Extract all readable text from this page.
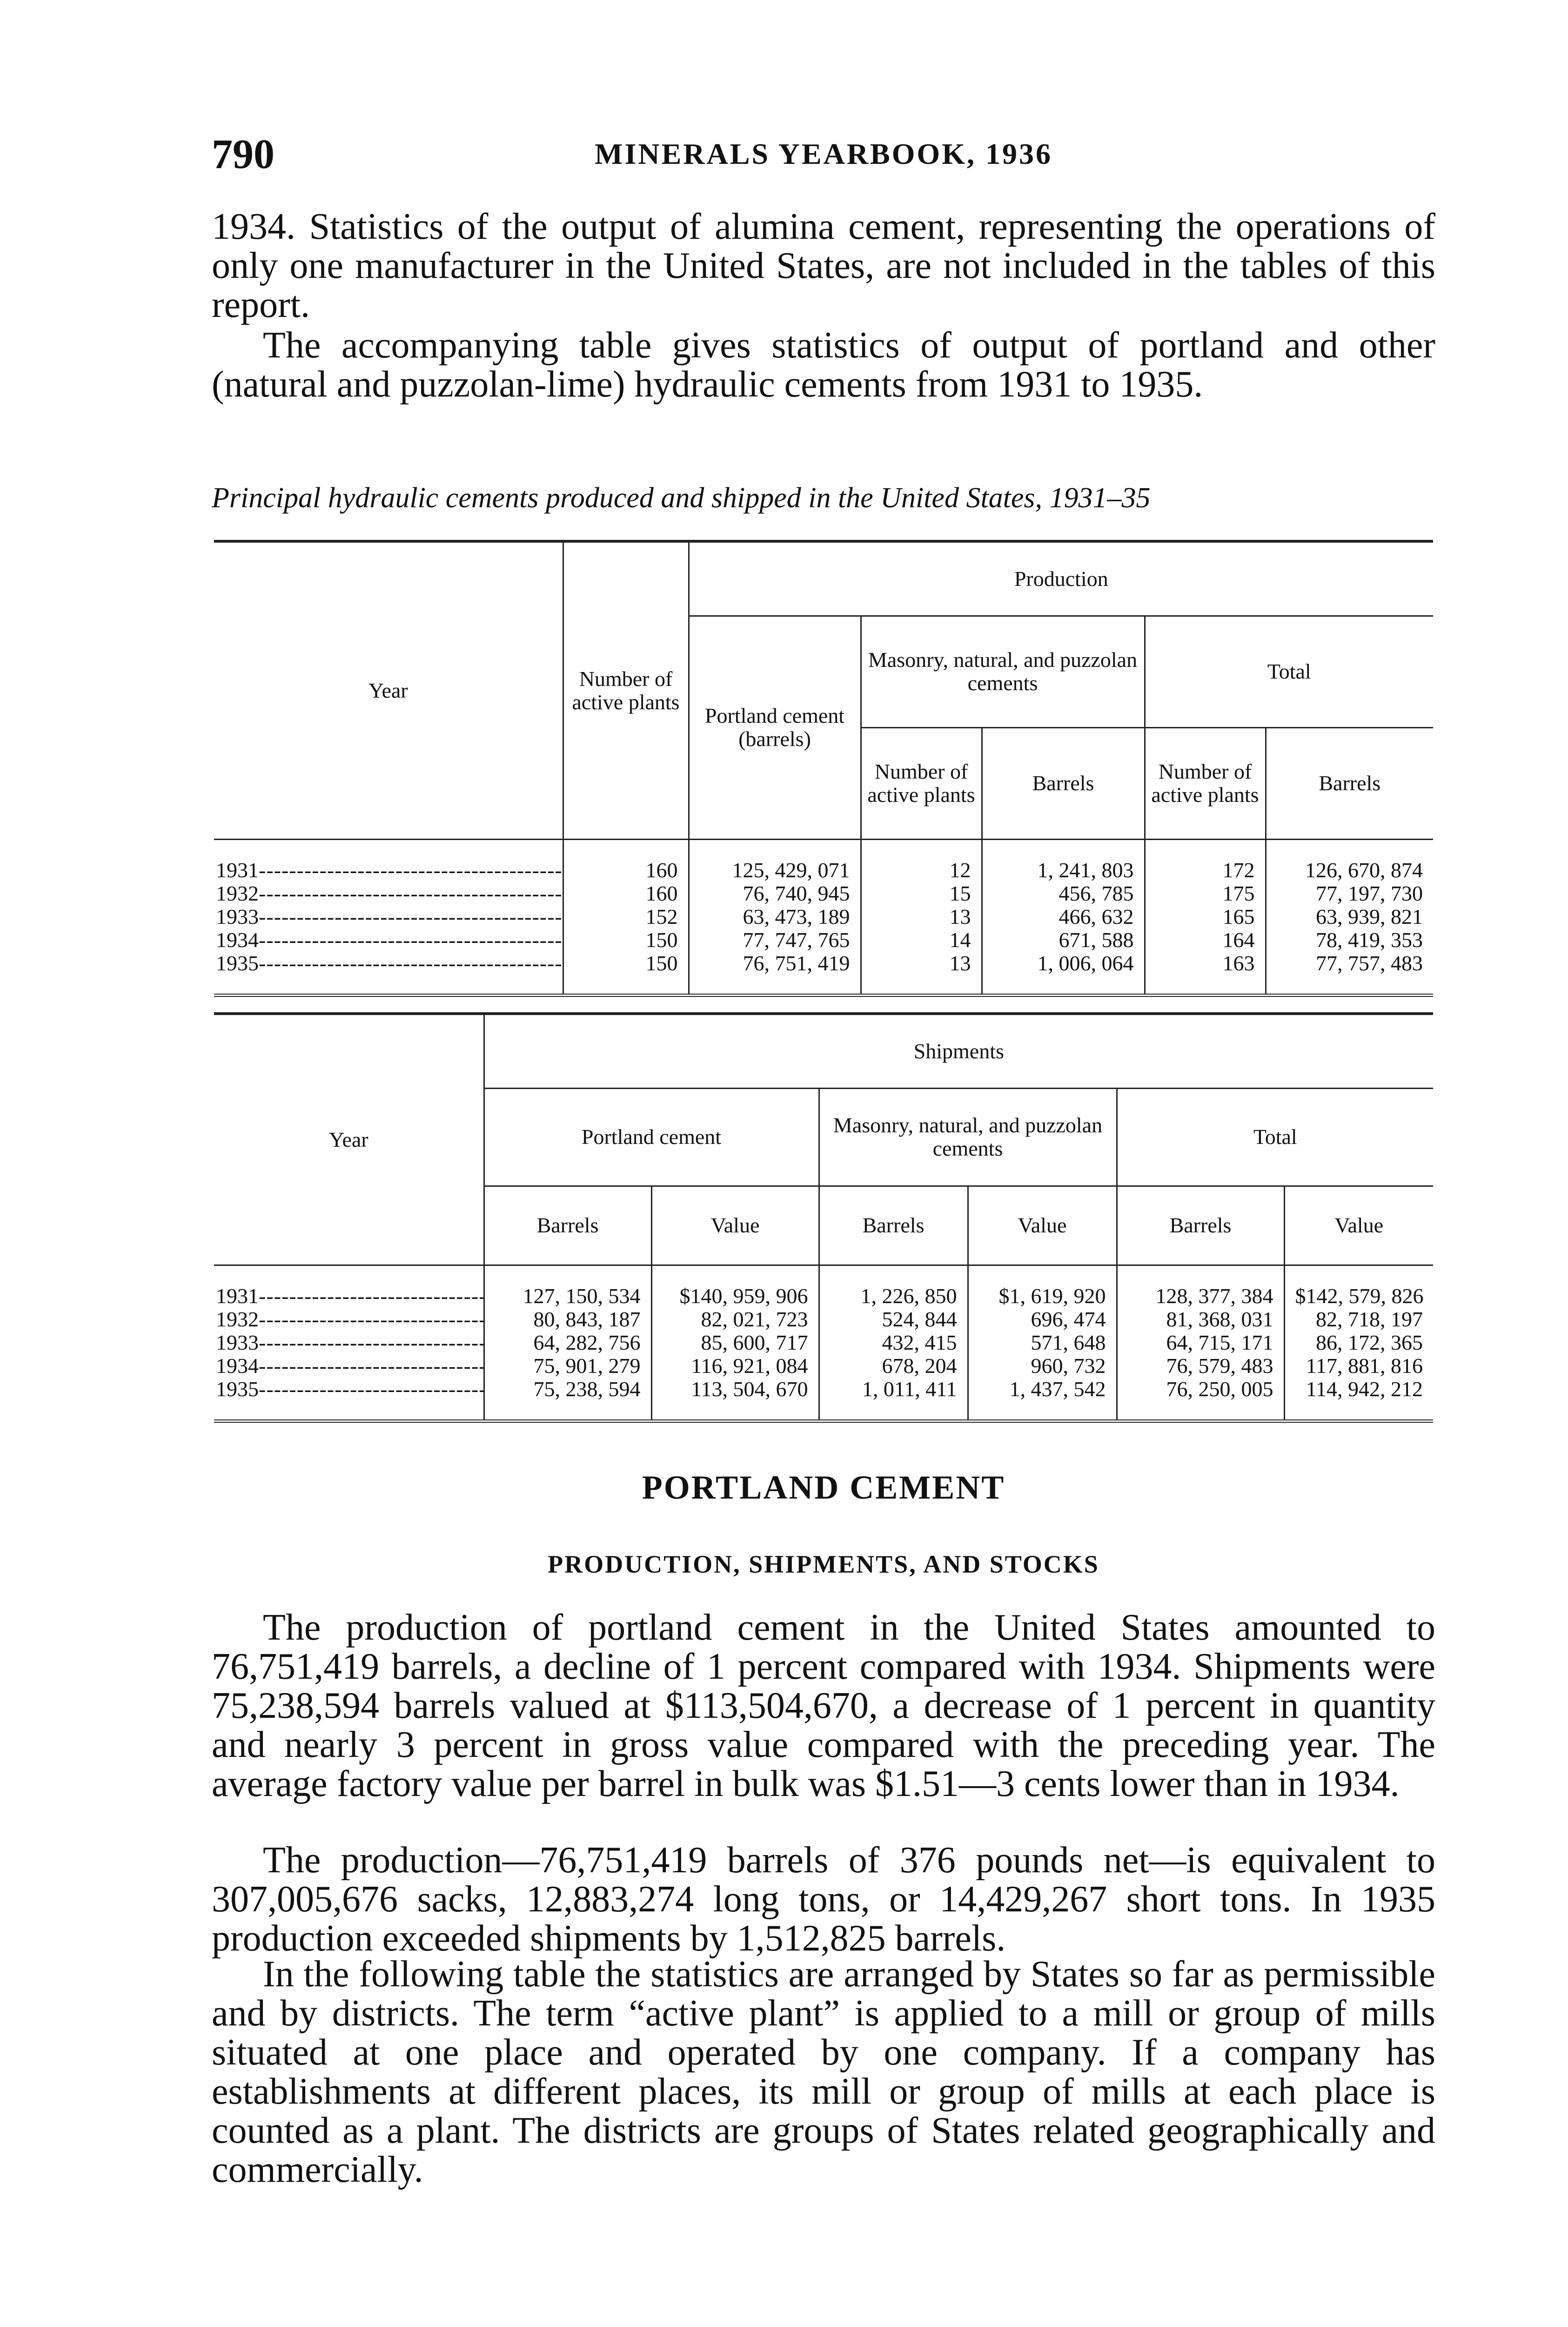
790	MINERALS YEARBOOK, 1936

1934. Statistics of the output of alumina cement, representing the operations of only one manufacturer in the United States, are not included in the tables of this report.

The accompanying table gives statistics of output of portland and other (natural and puzzolan-lime) hydraulic cements from 1931 to 1935.

Principal hydraulic cements produced and shipped in the United States, 1931–35
Year	Number of active plants	Production				
		Portland cement (barrels)	Masonry, natural, and puzzolan cements		Total	
			Number of active plants	Barrels	Number of active plants	Barrels
1931 -----	160	125, 429, 071	12	1, 241, 803	172	126, 670, 874
1932 -----	160	76, 740, 945	15	456, 785	175	77, 197, 730
1933 -----	152	63, 473, 189	13	466, 632	165	63, 939, 821
1934 -----	150	77, 747, 765	14	671, 588	164	78, 419, 353
1935 -----	150	76, 751, 419	13	1, 006, 064	163	77, 757, 483
Year	Shipments					
	Portland cement		Masonry, natural, and puzzolan cements		Total	
	Barrels	Value	Barrels	Value	Barrels	Value
1931 -----	127, 150, 534	$140, 959, 906	1, 226, 850	$1, 619, 920	128, 377, 384	$142, 579, 826
1932 -----	80, 843, 187	82, 021, 723	524, 844	696, 474	81, 368, 031	82, 718, 197
1933 -----	64, 282, 756	85, 600, 717	432, 415	571, 648	64, 715, 171	86, 172, 365
1934 -----	75, 901, 279	116, 921, 084	678, 204	960, 732	76, 579, 483	117, 881, 816
1935 -----	75, 238, 594	113, 504, 670	1, 011, 411	1, 437, 542	76, 250, 005	114, 942, 212
PORTLAND CEMENT
PRODUCTION, SHIPMENTS, AND STOCKS

The production of portland cement in the United States amounted to 76,751,419 barrels, a decline of 1 percent compared with 1934. Shipments were 75,238,594 barrels valued at $113,504,670, a decrease of 1 percent in quantity and nearly 3 percent in gross value compared with the preceding year. The average factory value per barrel in bulk was $1.51—3 cents lower than in 1934.

The production—76,751,419 barrels of 376 pounds net—is equivalent to 307,005,676 sacks, 12,883,274 long tons, or 14,429,267 short tons. In 1935 production exceeded shipments by 1,512,825 barrels.

In the following table the statistics are arranged by States so far as permissible and by districts. The term “active plant” is applied to a mill or group of mills situated at one place and operated by one company. If a company has establishments at different places, its mill or group of mills at each place is counted as a plant. The districts are groups of States related geographically and commercially.
